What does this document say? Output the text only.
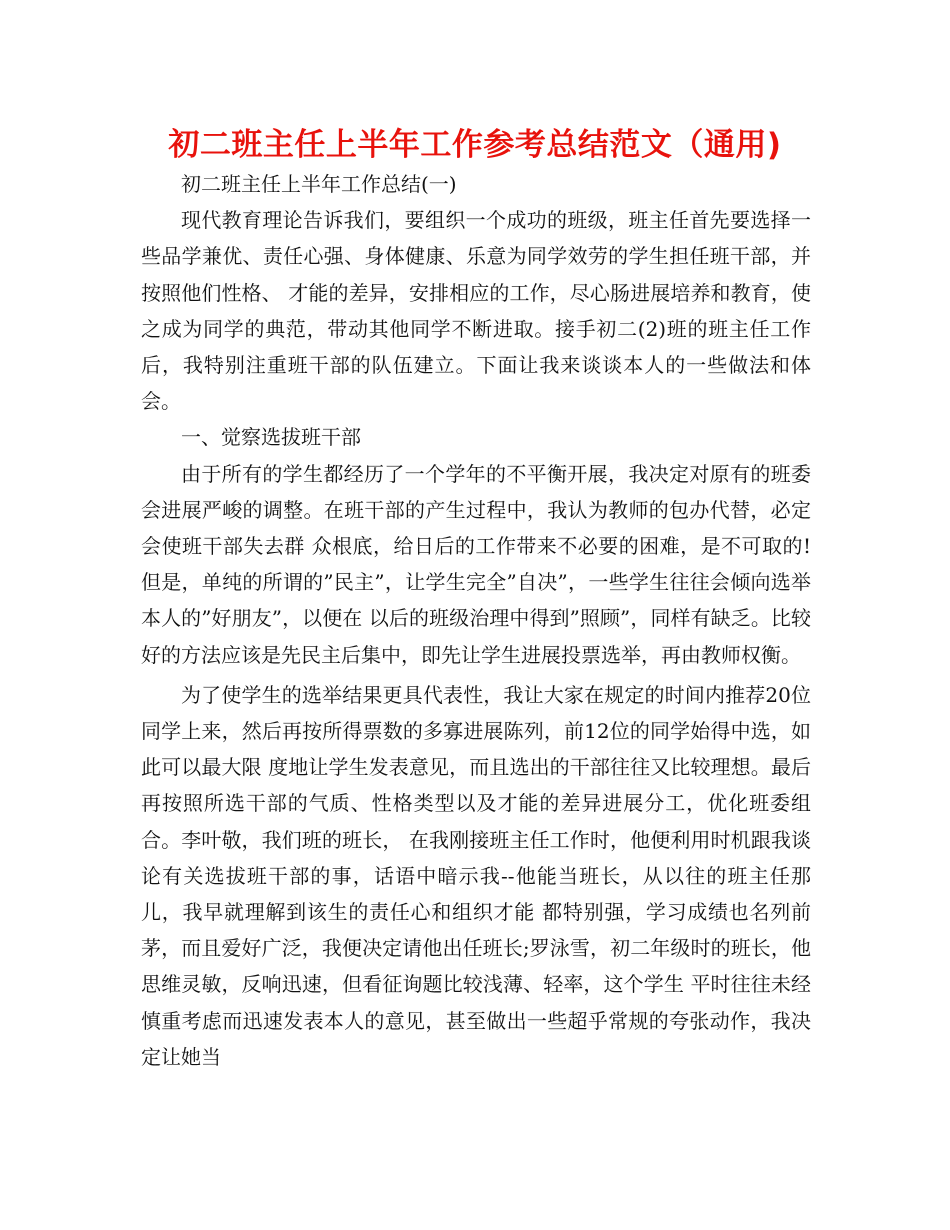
初二班主任上半年工作参考总结范文（通用)

初二班主任上半年工作总结(一)

现代教育理论告诉我们，要组织一个成功的班级，班主任首先要选择一些品学兼优、责任心强、身体健康、乐意为同学效劳的学生担任班干部，并按照他们性格、 才能的差异，安排相应的工作，尽心肠进展培养和教育，使之成为同学的典范，带动其他同学不断进取。接手初二(2)班的班主任工作后，我特别注重班干部的队伍建立。下面让我来谈谈本人的一些做法和体会。

一、觉察选拔班干部

由于所有的学生都经历了一个学年的不平衡开展，我决定对原有的班委会进展严峻的调整。在班干部的产生过程中，我认为教师的包办代替，必定会使班干部失去群 众根底，给日后的工作带来不必要的困难，是不可取的!但是，单纯的所谓的”民主”，让学生完全”自决”，一些学生往往会倾向选举本人的”好朋友”，以便在 以后的班级治理中得到”照顾”，同样有缺乏。比较好的方法应该是先民主后集中，即先让学生进展投票选举，再由教师权衡。

为了使学生的选举结果更具代表性，我让大家在规定的时间内推荐20位同学上来，然后再按所得票数的多寡进展陈列，前12位的同学始得中选，如此可以最大限 度地让学生发表意见，而且选出的干部往往又比较理想。最后再按照所选干部的气质、性格类型以及才能的差异进展分工，优化班委组合。李叶敬，我们班的班长， 在我刚接班主任工作时，他便利用时机跟我谈论有关选拔班干部的事，话语中暗示我--他能当班长，从以往的班主任那儿，我早就理解到该生的责任心和组织才能 都特别强，学习成绩也名列前茅，而且爱好广泛，我便决定请他出任班长;罗泳雪，初二年级时的班长，他思维灵敏，反响迅速，但看征询题比较浅薄、轻率，这个学生 平时往往未经慎重考虑而迅速发表本人的意见，甚至做出一些超乎常规的夸张动作，我决定让她当
